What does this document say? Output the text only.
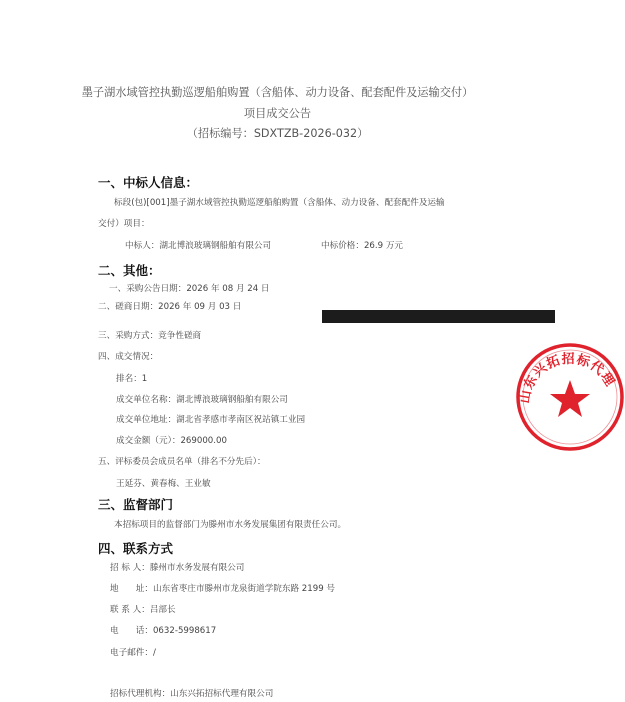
墨子湖水域管控执勤巡逻船舶购置（含船体、动力设备、配套配件及运输交付）
项目成交公告
（招标编号：SDXTZB-2026-032）
一、中标人信息：
标段(包)[001]墨子湖水域管控执勤巡逻船舶购置（含船体、动力设备、配套配件及运输
交付）项目：
中标人：湖北博浪玻璃钢船舶有限公司	中标价格：26.9 万元
二、其他：
一、采购公告日期：2026 年 08 月 24 日
二、磋商日期：2026 年 09 月 03 日
三、采购方式：竞争性磋商
四、成交情况：
排名：1
成交单位名称：湖北博浪玻璃钢船舶有限公司
成交单位地址：湖北省孝感市孝南区祝站镇工业园
成交金额（元）：269000.00
五、评标委员会成员名单（排名不分先后）：
王延芬、黄春梅、王业敏
三、监督部门
本招标项目的监督部门为滕州市水务发展集团有限责任公司。
四、联系方式
招 标 人：滕州市水务发展有限公司
地　　址：山东省枣庄市滕州市龙泉街道学院东路 2199 号
联 系 人：吕部长
电　　话：0632-5998617
电子邮件：/
招标代理机构：山东兴拓招标代理有限公司
山东兴拓招标代理
